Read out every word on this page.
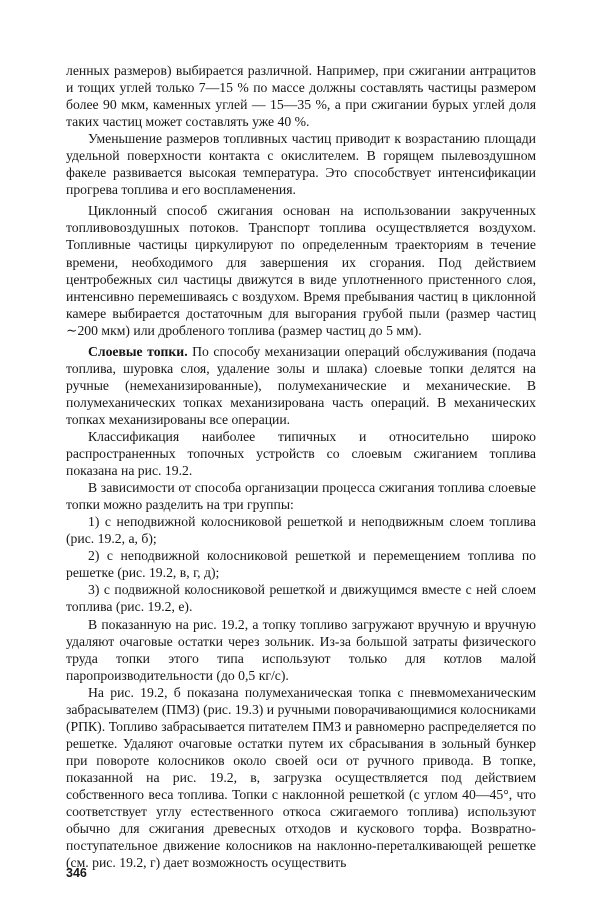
ленных размеров) выбирается различной. Например, при сжигании антрацитов и тощих углей только 7—15 % по массе должны составлять частицы размером более 90 мкм, каменных углей — 15—35 %, а при сжигании бурых углей доля таких частиц может составлять уже 40 %.

Уменьшение размеров топливных частиц приводит к возрастанию площади удельной поверхности контакта с окислителем. В горящем пылевоздушном факеле развивается высокая температура. Это способствует интенсификации прогрева топлива и его воспламенения.

Циклонный способ сжигания основан на использовании закрученных топливовоздушных потоков. Транспорт топлива осуществляется воздухом. Топливные частицы циркулируют по определенным траекториям в течение времени, необходимого для завершения их сгорания. Под действием центробежных сил частицы движутся в виде уплотненного пристенного слоя, интенсивно перемешиваясь с воздухом. Время пребывания частиц в циклонной камере выбирается достаточным для выгорания грубой пыли (размер частиц ∼200 мкм) или дробленого топлива (размер частиц до 5 мм).

Слоевые топки. По способу механизации операций обслуживания (подача топлива, шуровка слоя, удаление золы и шлака) слоевые топки делятся на ручные (немеханизированные), полумеханические и механические. В полумеханических топках механизирована часть операций. В механических топках механизированы все операции.

Классификация наиболее типичных и относительно широко распространенных топочных устройств со слоевым сжиганием топлива показана на рис. 19.2.

В зависимости от способа организации процесса сжигания топлива слоевые топки можно разделить на три группы:

1) с неподвижной колосниковой решеткой и неподвижным слоем топлива (рис. 19.2, а, б);

2) с неподвижной колосниковой решеткой и перемещением топлива по решетке (рис. 19.2, в, г, д);

3) с подвижной колосниковой решеткой и движущимся вместе с ней слоем топлива (рис. 19.2, е).

В показанную на рис. 19.2, а топку топливо загружают вручную и вручную удаляют очаговые остатки через зольник. Из-за большой затраты физического труда топки этого типа используют только для котлов малой паропроизводительности (до 0,5 кг/с).

На рис. 19.2, б показана полумеханическая топка с пневмомеханическим забрасывателем (ПМЗ) (рис. 19.3) и ручными поворачивающимися колосниками (РПК). Топливо забрасывается питателем ПМЗ и равномерно распределяется по решетке. Удаляют очаговые остатки путем их сбрасывания в зольный бункер при повороте колосников около своей оси от ручного привода. В топке, показанной на рис. 19.2, в, загрузка осуществляется под действием собственного веса топлива. Топки с наклонной решеткой (с углом 40—45°, что соответствует углу естественного откоса сжигаемого топлива) используют обычно для сжигания древесных отходов и кускового торфа. Возвратно-поступательное движение колосников на наклонно-переталкивающей решетке (см. рис. 19.2, г) дает возможность осуществить

346
